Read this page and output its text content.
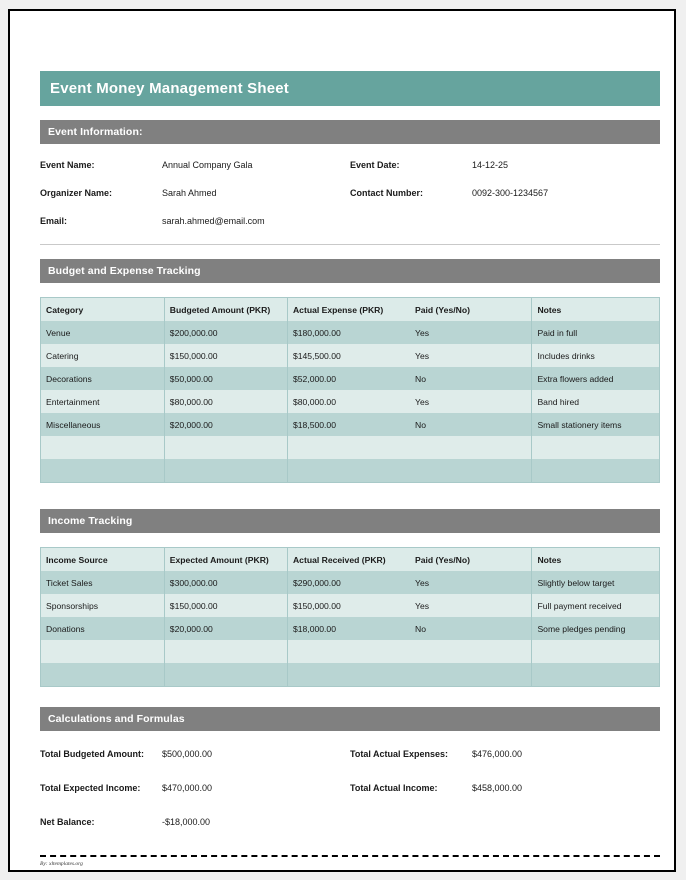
Event Money Management Sheet
Event Information:
Event Name:	Annual Company Gala	Event Date:	14-12-25
Organizer Name:	Sarah Ahmed	Contact Number:	0092-300-1234567
Email:	sarah.ahmed@email.com
Budget and Expense Tracking
Category	Budgeted Amount (PKR)	Actual Expense (PKR)	Paid (Yes/No)	Notes
Venue	$200,000.00	$180,000.00	Yes	Paid in full
Catering	$150,000.00	$145,500.00	Yes	Includes drinks
Decorations	$50,000.00	$52,000.00	No	Extra flowers added
Entertainment	$80,000.00	$80,000.00	Yes	Band hired
Miscellaneous	$20,000.00	$18,500.00	No	Small stationery items

Income Tracking
Income Source	Expected Amount (PKR)	Actual Received (PKR)	Paid (Yes/No)	Notes
Ticket Sales	$300,000.00	$290,000.00	Yes	Slightly below target
Sponsorships	$150,000.00	$150,000.00	Yes	Full payment received
Donations	$20,000.00	$18,000.00	No	Some pledges pending

Calculations and Formulas
Total Budgeted Amount:	$500,000.00	Total Actual Expenses:	$476,000.00
Total Expected Income:	$470,000.00	Total Actual Income:	$458,000.00
Net Balance:	-$18,000.00
By: xltemplates.org
